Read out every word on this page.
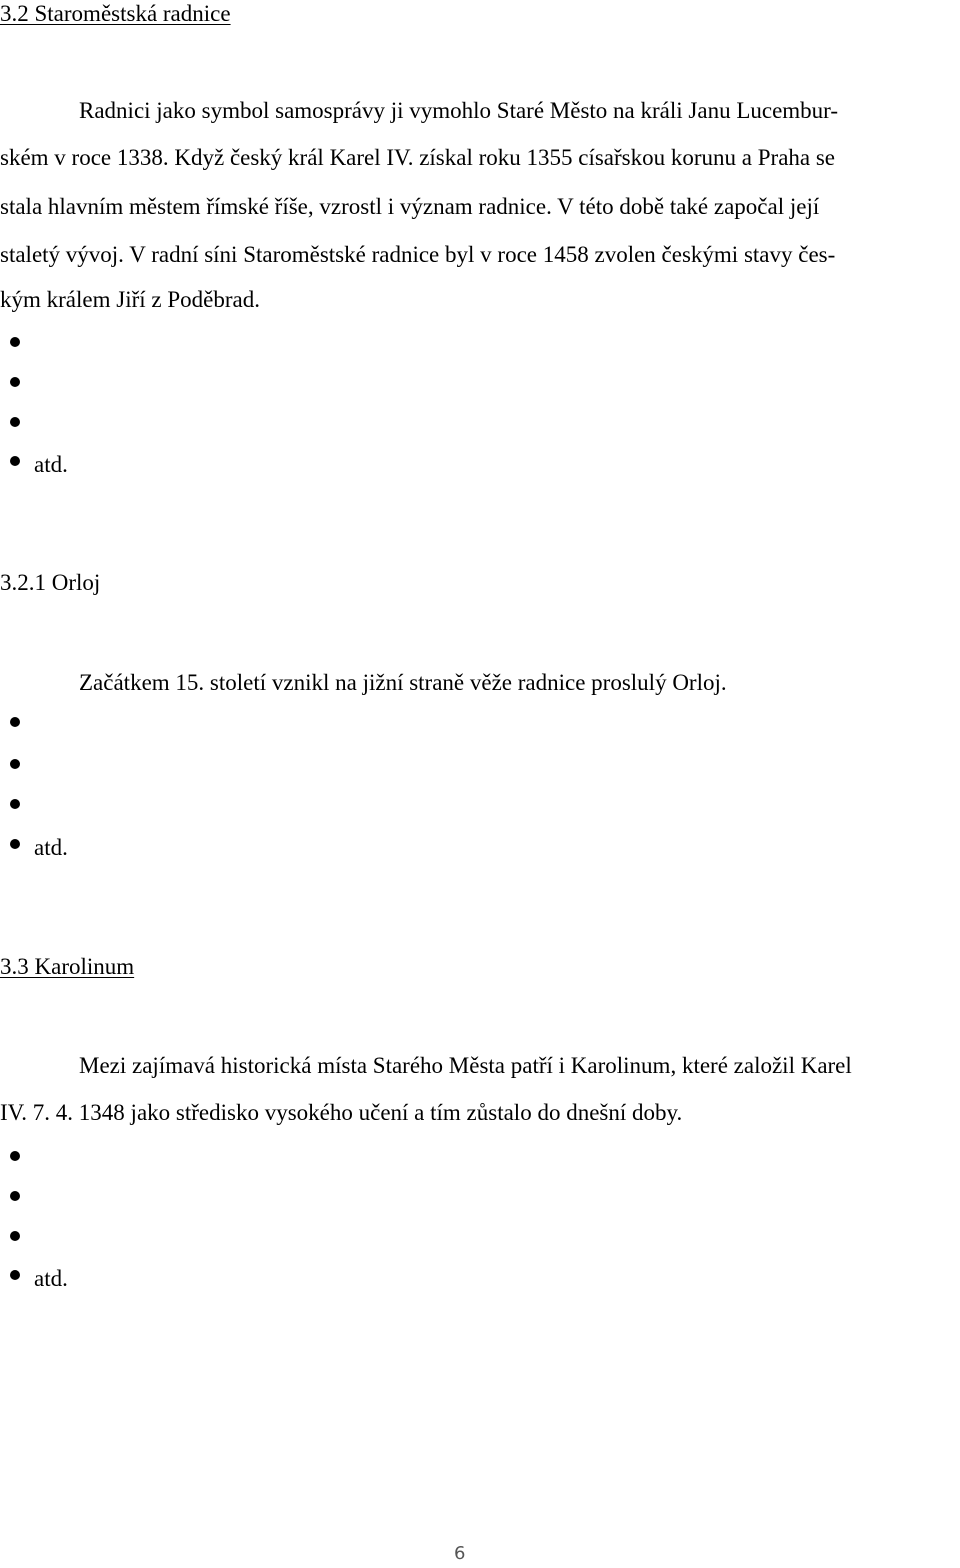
3.2 Staroměstská radnice
Radnici jako symbol samosprávy ji vymohlo Staré Město na králi Janu Lucembur-
ském v roce 1338. Když český král Karel IV. získal roku 1355 císařskou korunu a Praha se
stala hlavním městem římské říše, vzrostl i význam radnice. V této době také započal její
staletý vývoj. V radní síni Staroměstské radnice byl v roce 1458 zvolen českými stavy čes-
kým králem Jiří z Poděbrad.
atd.
3.2.1 Orloj
Začátkem 15. století vznikl na jižní straně věže radnice proslulý Orloj.
atd.
3.3 Karolinum
Mezi zajímavá historická místa Starého Města patří i Karolinum, které založil Karel
IV. 7. 4. 1348 jako středisko vysokého učení a tím zůstalo do dnešní doby.
atd.
6
